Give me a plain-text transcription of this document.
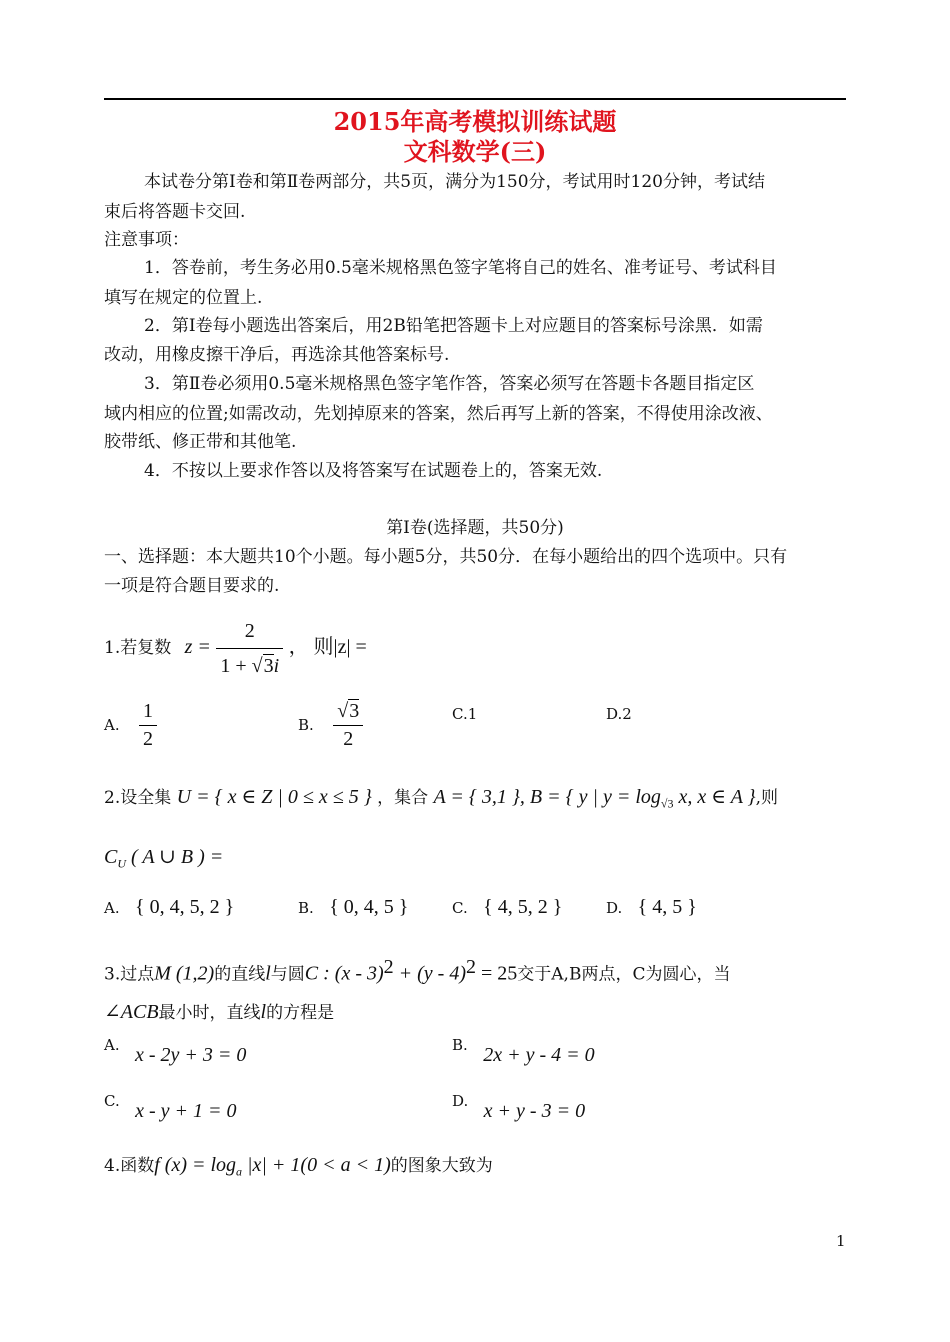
2015年高考模拟训练试题
文科数学(三)
本试卷分第Ⅰ卷和第Ⅱ卷两部分，共5页，满分为150分，考试用时120分钟，考试结
束后将答题卡交回.
注意事项：
1．答卷前，考生务必用0.5毫米规格黑色签字笔将自己的姓名、准考证号、考试科目
填写在规定的位置上.
2．第Ⅰ卷每小题选出答案后，用2B铅笔把答题卡上对应题目的答案标号涂黑．如需
改动，用橡皮擦干净后，再选涂其他答案标号.
3．第Ⅱ卷必须用0.5毫米规格黑色签字笔作答，答案必须写在答题卡各题目指定区
域内相应的位置;如需改动，先划掉原来的答案，然后再写上新的答案，不得使用涂改液、
胶带纸、修正带和其他笔.
4．不按以上要求作答以及将答案写在试题卷上的，答案无效.
第Ⅰ卷(选择题，共50分)
一、选择题：本大题共10个小题。每小题5分，共50分．在每小题给出的四个选项中。只有
一项是符合题目要求的.
1.若复数 $z = \frac{2}{1 + √3i}$ ， 则|z| =
A. $\frac{1}{2}$	B. $\frac{√3}{2}$	C.1	D.2
2.设全集 U = { x ∈ Z | 0 ≤ x ≤ 5 } ，集合 A = { 3,1 }, B = { y | $y = \log_{√3} x$, x ∈ A },则
$C_U$ ( A ∪ B ) =
A. { 0, 4, 5, 2 }	B. { 0, 4, 5 }	C. { 4, 5, 2 }	D. { 4, 5 }
3.过点M (1,2)的直线l与圆C : (x - 3)$^2$ + (y - 4)$^2$ = 25交于A,B两点，C为圆心，当
∠ACB最小时，直线l的方程是
A. x - 2y + 3 = 0	B. 2x + y - 4 = 0
C. x - y + 1 = 0	D. x + y - 3 = 0
4.函数f $(x) = \log_a |x| + 1(0 < a < 1)$的图象大致为
1
